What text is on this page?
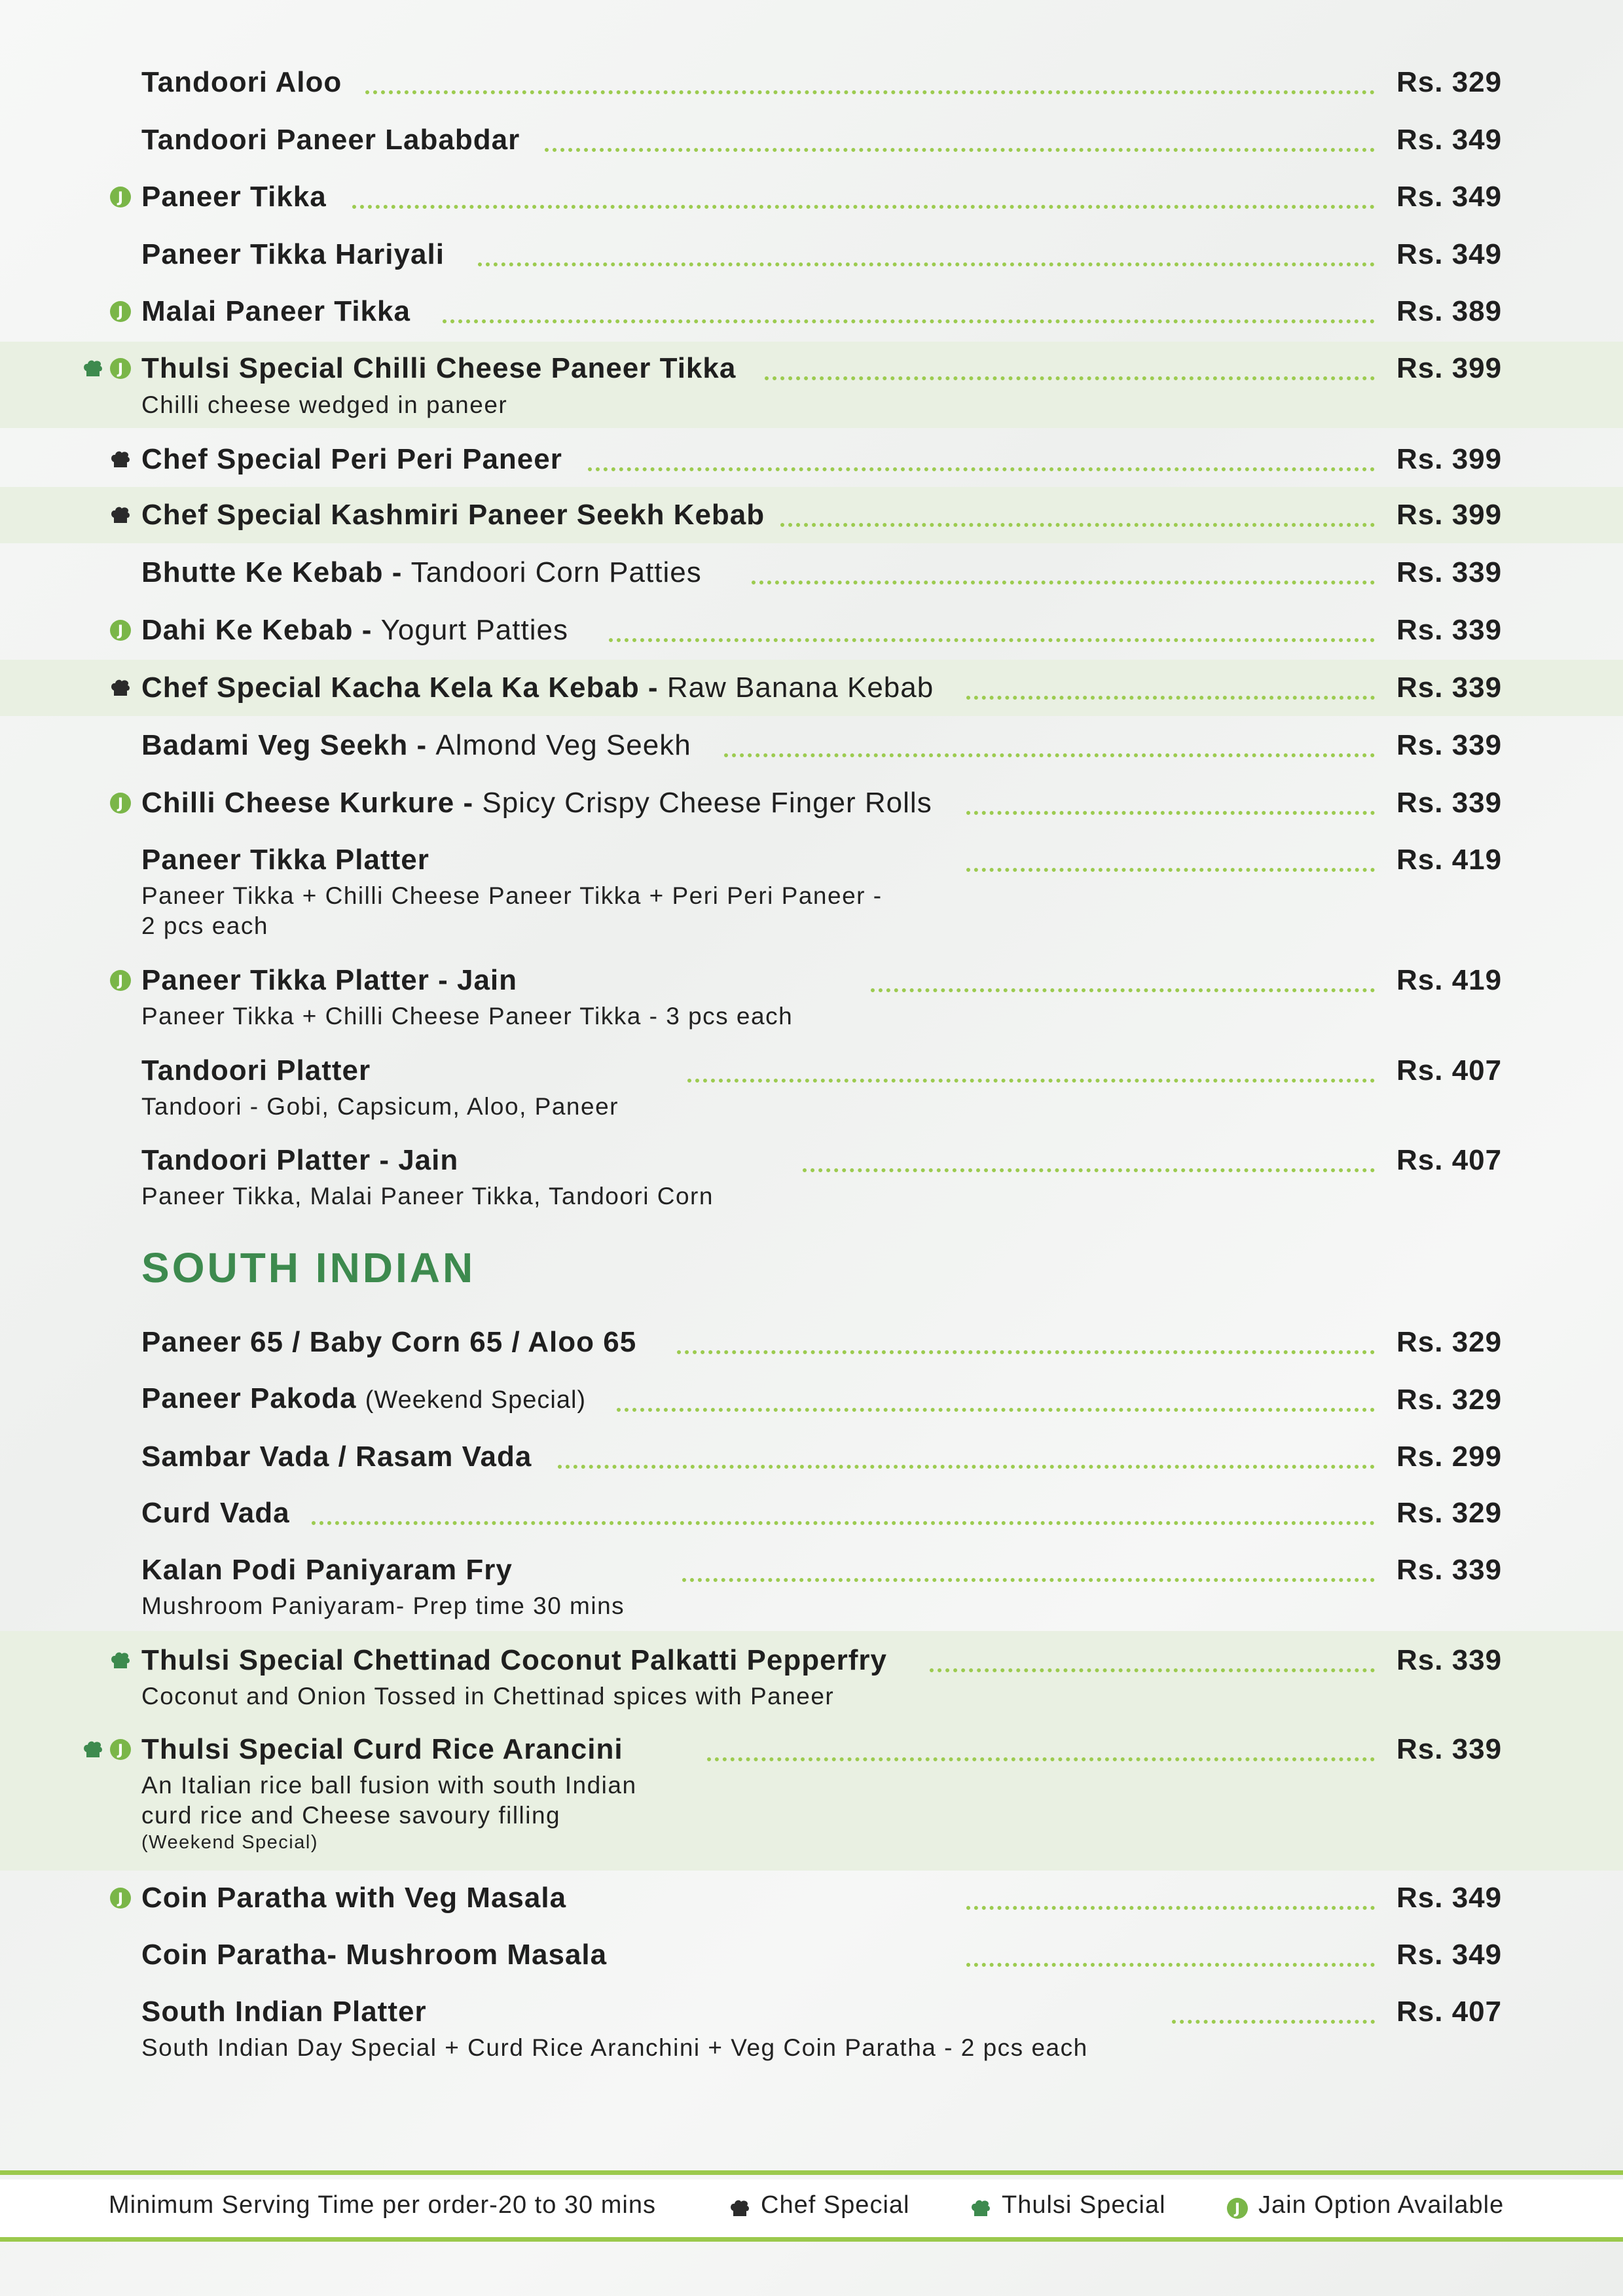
Tandoori Aloo	Rs. 329
Tandoori Paneer Lababdar	Rs. 349
J Paneer Tikka	Rs. 349
Paneer Tikka Hariyali	Rs. 349
J Malai Paneer Tikka	Rs. 389
J Thulsi Special Chilli Cheese Paneer Tikka	Rs. 399
Chilli cheese wedged in paneer
Chef Special Peri Peri Paneer	Rs. 399
Chef Special Kashmiri Paneer Seekh Kebab	Rs. 399
Bhutte Ke Kebab - Tandoori Corn Patties	Rs. 339
J Dahi Ke Kebab - Yogurt Patties	Rs. 339
Chef Special Kacha Kela Ka Kebab - Raw Banana Kebab	Rs. 339
Badami Veg Seekh - Almond Veg Seekh	Rs. 339
J Chilli Cheese Kurkure - Spicy Crispy Cheese Finger Rolls	Rs. 339
Paneer Tikka Platter	Rs. 419
Paneer Tikka + Chilli Cheese Paneer Tikka + Peri Peri Paneer -
2 pcs each
J Paneer Tikka Platter - Jain	Rs. 419
Paneer Tikka + Chilli Cheese Paneer Tikka - 3 pcs each
Tandoori Platter	Rs. 407
Tandoori - Gobi, Capsicum, Aloo, Paneer
Tandoori Platter - Jain	Rs. 407
Paneer Tikka, Malai Paneer Tikka, Tandoori Corn
SOUTH INDIAN
Paneer 65 / Baby Corn 65 / Aloo 65	Rs. 329
Paneer Pakoda (Weekend Special)	Rs. 329
Sambar Vada / Rasam Vada	Rs. 299
Curd Vada	Rs. 329
Kalan Podi Paniyaram Fry	Rs. 339
Mushroom Paniyaram- Prep time 30 mins
Thulsi Special Chettinad Coconut Palkatti Pepperfry	Rs. 339
Coconut and Onion Tossed in Chettinad spices with Paneer
J Thulsi Special Curd Rice Arancini	Rs. 339
An Italian rice ball fusion with south Indian
curd rice and Cheese savoury filling
(Weekend Special)
J Coin Paratha with Veg Masala	Rs. 349
Coin Paratha- Mushroom Masala	Rs. 349
South Indian Platter	Rs. 407
South Indian Day Special + Curd Rice Aranchini + Veg Coin Paratha - 2 pcs each
Minimum Serving Time per order-20 to 30 mins	Chef Special	Thulsi Special	J Jain Option Available
